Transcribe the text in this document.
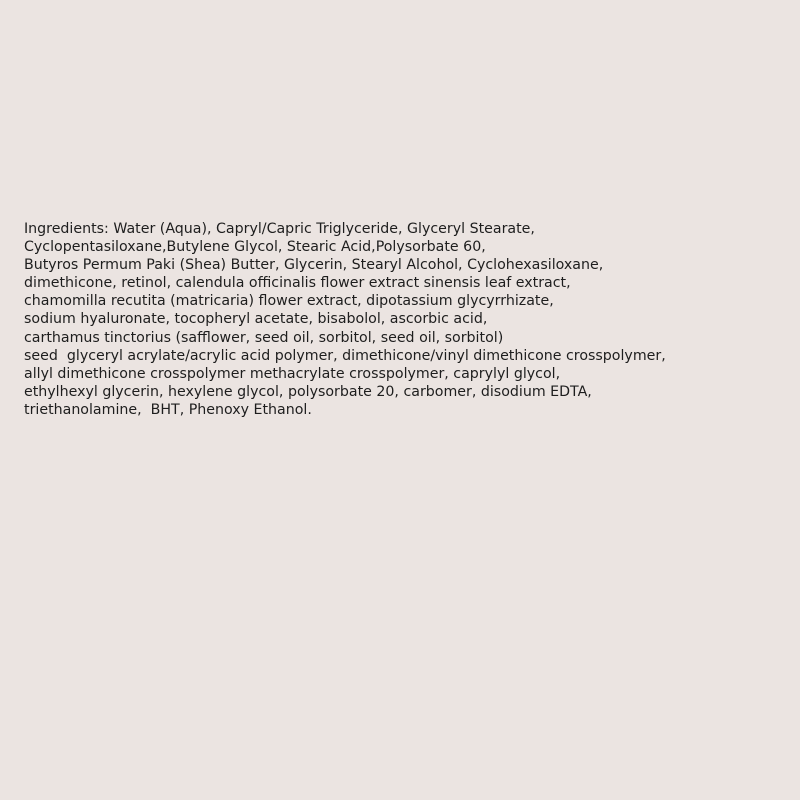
Ingredients: Water (Aqua), Capryl/Capric Triglyceride, Glyceryl Stearate,
Cyclopentasiloxane,Butylene Glycol, Stearic Acid,Polysorbate 60,
Butyros Permum Paki (Shea) Butter, Glycerin, Stearyl Alcohol, Cyclohexasiloxane,
dimethicone, retinol, calendula officinalis flower extract sinensis leaf extract,
chamomilla recutita (matricaria) flower extract, dipotassium glycyrrhizate,
sodium hyaluronate, tocopheryl acetate, bisabolol, ascorbic acid,
carthamus tinctorius (safflower, seed oil, sorbitol, seed oil, sorbitol)
seed  glyceryl acrylate/acrylic acid polymer, dimethicone/vinyl dimethicone crosspolymer,
allyl dimethicone crosspolymer methacrylate crosspolymer, caprylyl glycol,
ethylhexyl glycerin, hexylene glycol, polysorbate 20, carbomer, disodium EDTA,
triethanolamine,  BHT, Phenoxy Ethanol.
